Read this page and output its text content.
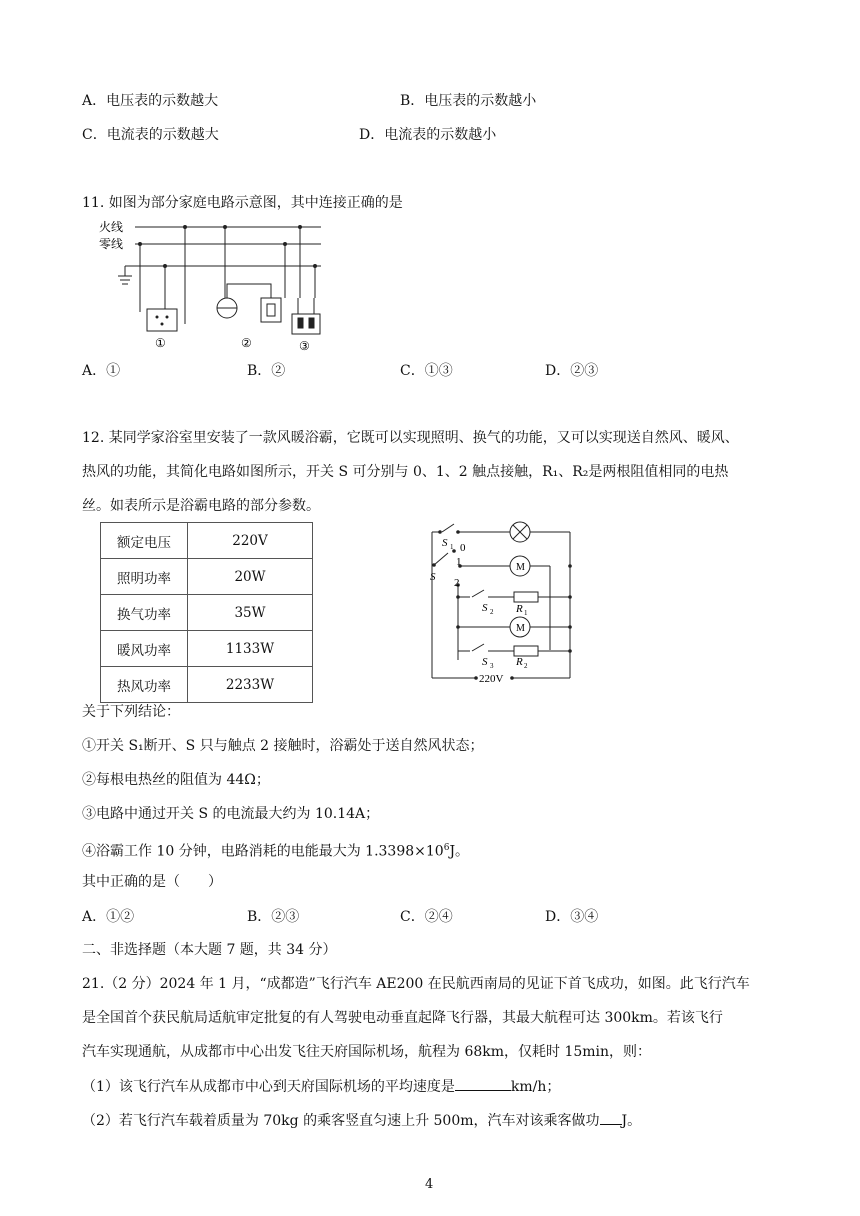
A．电压表的示数越大	B．电压表的示数越小
C．电流表的示数越大	D．电流表的示数越小
11. 如图为部分家庭电路示意图，其中连接正确的是
火线
零线
①	②	③
A．①	B．②	C．①③	D．②③
12. 某同学家浴室里安装了一款风暖浴霸，它既可以实现照明、换气的功能，又可以实现送自然风、暖风、
热风的功能，其简化电路如图所示，开关 S 可分别与 0、1、2 触点接触，R₁、R₂是两根阻值相同的电热
丝。如表所示是浴霸电路的部分参数。
额定电压	220V
照明功率	20W
换气功率	35W
暖风功率	1133W
热风功率	2233W
S 1 0
1
2
S
M
M
S 2 R 1
S 3 R 2
220V
关于下列结论：
①开关 S₁断开、S 只与触点 2 接触时，浴霸处于送自然风状态；
②每根电热丝的阻值为 44Ω；
③电路中通过开关 S 的电流最大约为 10.14A；
④浴霸工作 10 分钟，电路消耗的电能最大为 $1.3398\times 10^6J$。
其中正确的是（　　）
A．①②	B．②③	C．②④	D．③④
二、非选择题（本大题 7 题，共 34 分）
21.（2 分）2024 年 1 月，“成都造”飞行汽车 AE200 在民航西南局的见证下首飞成功，如图。此飞行汽车
是全国首个获民航局适航审定批复的有人驾驶电动垂直起降飞行器，其最大航程可达 300km。若该飞行
汽车实现通航，从成都市中心出发飞往天府国际机场，航程为 68km，仅耗时 15min，则：
（1）该飞行汽车从成都市中心到天府国际机场的平均速度是	km/h；
（2）若飞行汽车载着质量为 70kg 的乘客竖直匀速上升 500m，汽车对该乘客做功 J。
4
